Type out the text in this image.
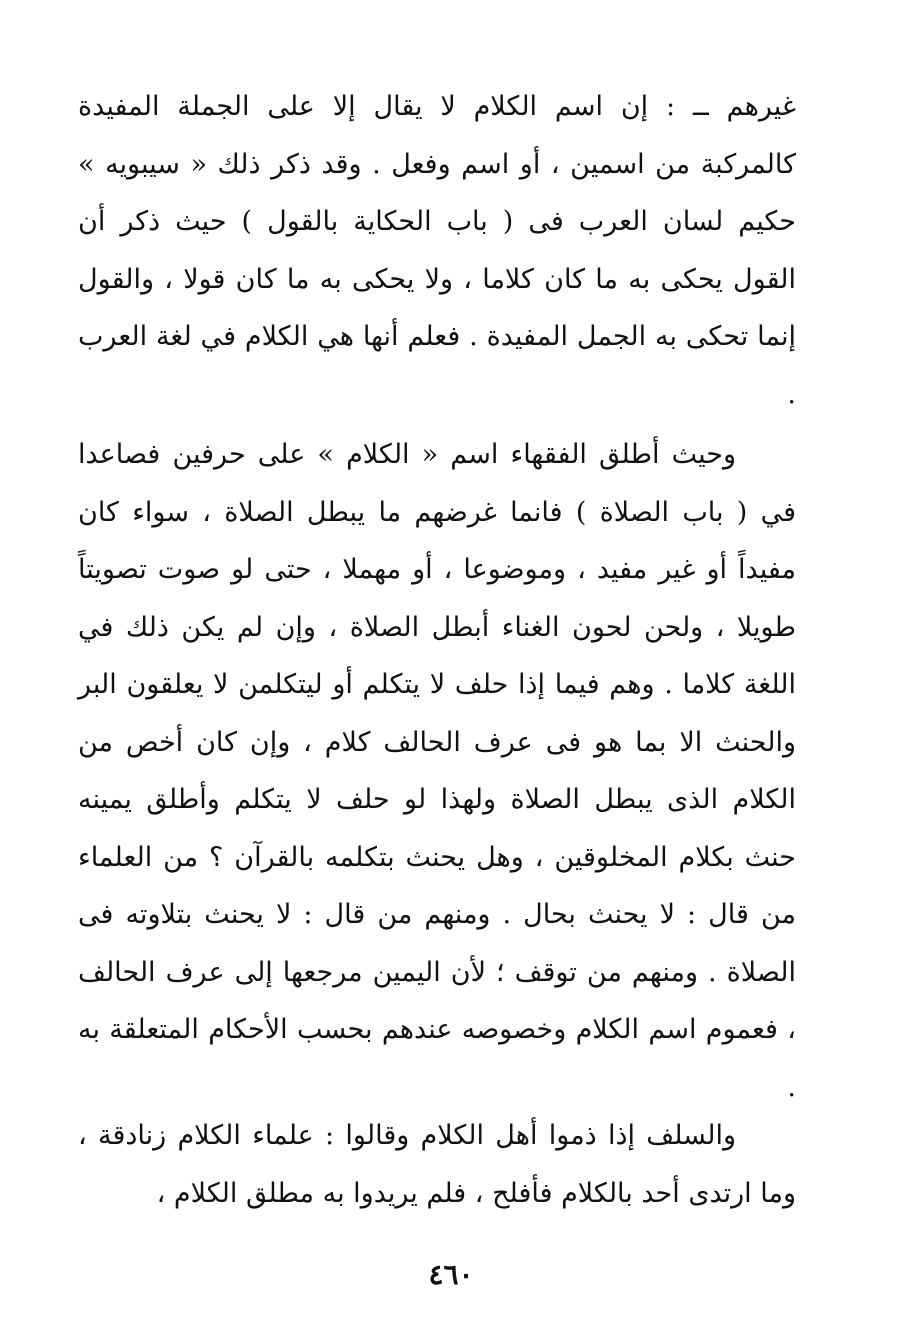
غيرهم ــ : إن اسم الكلام لا يقال إلا على الجملة المفيدة كالمركبة من اسمين ، أو اسم وفعل . وقد ذكر ذلك « سيبويه » حكيم لسان العرب فى ( باب الحكاية بالقول ) حيث ذكر أن القول يحكى به ما كان كلاما ، ولا يحكى به ما كان قولا ، والقول إنما تحكى به الجمل المفيدة . فعلم أنها هي الكلام في لغة العرب .

وحيث أطلق الفقهاء اسم « الكلام » على حرفين فصاعدا في ( باب الصلاة ) فانما غرضهم ما يبطل الصلاة ، سواء كان مفيداً أو غير مفيد ، وموضوعا ، أو مهملا ، حتى لو صوت تصويتاً طويلا ، ولحن لحون الغناء أبطل الصلاة ، وإن لم يكن ذلك في اللغة كلاما . وهم فيما إذا حلف لا يتكلم أو ليتكلمن لا يعلقون البر والحنث الا بما هو فى عرف الحالف كلام ، وإن كان أخص من الكلام الذى يبطل الصلاة ولهذا لو حلف لا يتكلم وأطلق يمينه حنث بكلام المخلوقين ، وهل يحنث بتكلمه بالقرآن ؟ من العلماء من قال : لا يحنث بحال . ومنهم من قال : لا يحنث بتلاوته فى الصلاة . ومنهم من توقف ؛ لأن اليمين مرجعها إلى عرف الحالف ، فعموم اسم الكلام وخصوصه عندهم بحسب الأحكام المتعلقة به .

والسلف إذا ذموا أهل الكلام وقالوا : علماء الكلام زنادقة ، وما ارتدى أحد بالكلام فأفلح ، فلم يريدوا به مطلق الكلام ،

٤٦٠
